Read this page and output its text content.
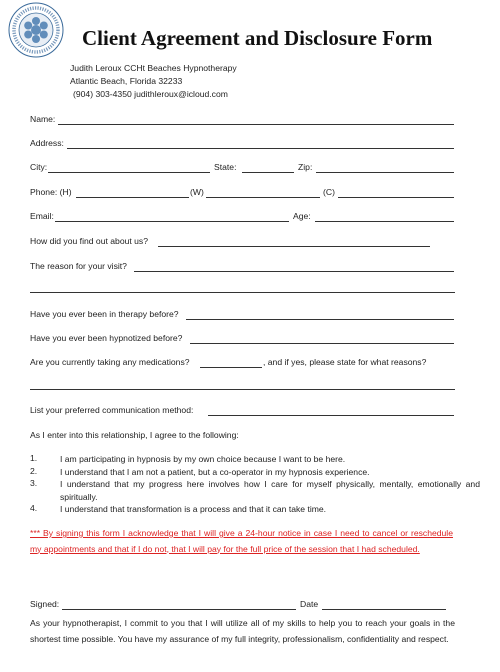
Client Agreement and Disclosure Form
Judith Leroux CCHt Beaches Hypnotherapy
Atlantic Beach, Florida 32233
(904) 303-4350 judithleroux@icloud.com
Name:
Address:
City:	State:	Zip:
Phone: (H)	(W)	(C)
Email:	Age:
How did you find out about us?
The reason for your visit?
Have you ever been in therapy before?
Have you ever been hypnotized before?
Are you currently taking any medications?	, and if yes, please state for what reasons?
List your preferred communication method:
As I enter into this relationship, I agree to the following:
1.	I am participating in hypnosis by my own choice because I want to be here.
2.	I understand that I am not a patient, but a co-operator in my hypnosis experience.
3.	I understand that my progress here involves how I care for myself physically, mentally, emotionally and spiritually.
4.	I understand that transformation is a process and that it can take time.
*** By signing this form I acknowledge that I will give a 24-hour notice in case I need to cancel or reschedule my appointments and that if I do not, that I will pay for the full price of the session that I had scheduled.
Signed:	Date
As your hypnotherapist, I commit to you that I will utilize all of my skills to help you to reach your goals in the shortest time possible. You have my assurance of my full integrity, professionalism, confidentiality and respect.
